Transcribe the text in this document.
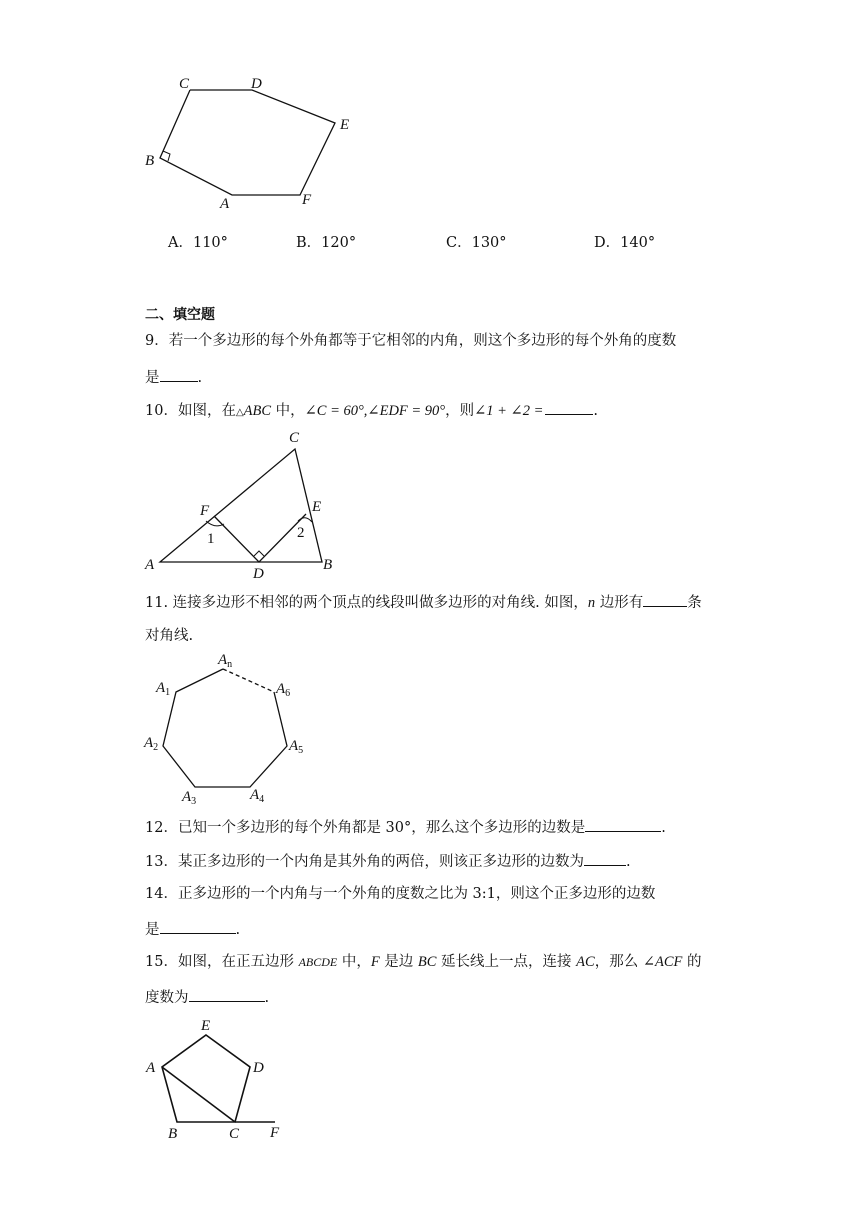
C	D
E
B
A	F
A．110°	B．120°	C．130°	D．140°
二、填空题
9．若一个多边形的每个外角都等于它相邻的内角，则这个多边形的每个外角的度数
是	.
10．如图，在△ABC 中，∠C = 60°,∠EDF = 90°，则∠1 + ∠2 =	.
C
E
F
1	2
A
D
B
11. 连接多边形不相邻的两个顶点的线段叫做多边形的对角线. 如图，n 边形有	条
对角线.
$A_n$
$A_1$	$A_6$
$A_2$	$A_5$
$A_3$	$A_4$
12．已知一个多边形的每个外角都是 30°，那么这个多边形的边数是	.
13．某正多边形的一个内角是其外角的两倍，则该正多边形的边数为	.
14．正多边形的一个内角与一个外角的度数之比为 3:1，则这个正多边形的边数
是	.
15．如图，在正五边形 ABCDE 中，F 是边 BC 延长线上一点，连接 AC，那么 ∠ACF 的
度数为	.
E
A	D
B	C F
